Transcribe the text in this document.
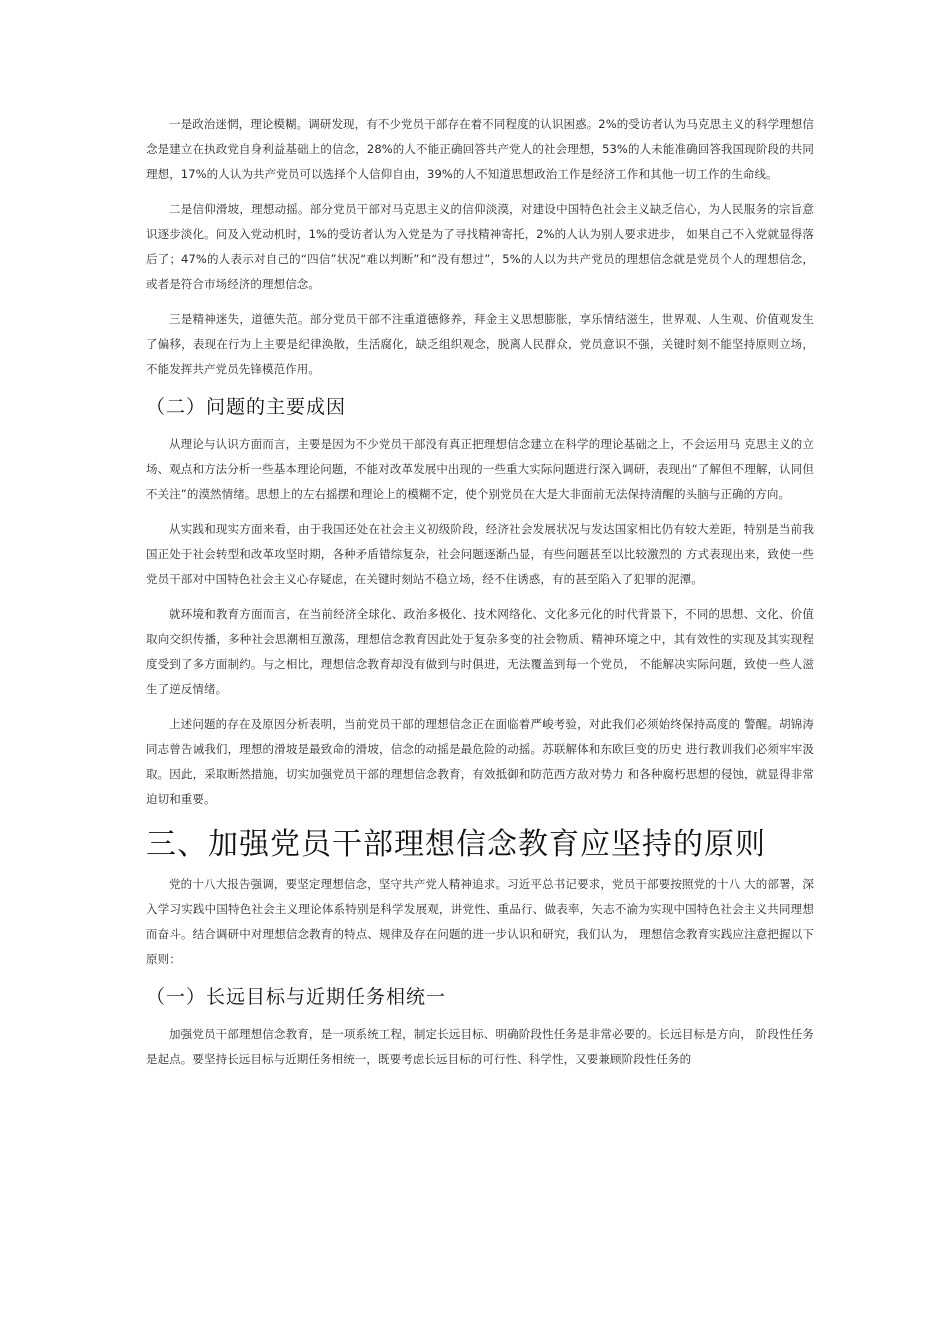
一是政治迷惘，理论模糊。调研发现，有不少党员干部存在着不同程度的认识困惑。2%的受访者认为马克思主义的科学理想信念是建立在执政党自身利益基础上的信念，28%的人不能正确回答共产党人的社会理想，53%的人未能准确回答我国现阶段的共同理想，17%的人认为共产党员可以选择个人信仰自由，39%的人不知道思想政治工作是经济工作和其他一切工作的生命线。

二是信仰滑坡，理想动摇。部分党员干部对马克思主义的信仰淡漠，对建设中国特色社会主义缺乏信心，为人民服务的宗旨意识逐步淡化。问及入党动机时，1%的受访者认为入党是为了寻找精神寄托，2%的人认为别人要求进步， 如果自己不入党就显得落后了；47%的人表示对自己的“四信”状况“难以判断”和“没有想过”，5%的人以为共产党员的理想信念就是党员个人的理想信念，或者是符合市场经济的理想信念。

三是精神迷失，道德失范。部分党员干部不注重道德修养，拜金主义思想膨胀，享乐情结滋生，世界观、人生观、价值观发生了偏移，表现在行为上主要是纪律涣散，生活腐化，缺乏组织观念，脱离人民群众，党员意识不强，关键时刻不能坚持原则立场，不能发挥共产党员先锋模范作用。

（二）问题的主要成因

从理论与认识方面而言，主要是因为不少党员干部没有真正把理想信念建立在科学的理论基础之上，不会运用马 克思主义的立场、观点和方法分析一些基本理论问题，不能对改革发展中出现的一些重大实际问题进行深入调研，表现出“了解但不理解，认同但不关注”的漠然情绪。思想上的左右摇摆和理论上的模糊不定，使个别党员在大是大非面前无法保持清醒的头脑与正确的方向。

从实践和现实方面来看，由于我国还处在社会主义初级阶段，经济社会发展状况与发达国家相比仍有较大差距，特别是当前我国正处于社会转型和改革攻坚时期，各种矛盾错综复杂，社会问题逐渐凸显，有些问题甚至以比较激烈的 方式表现出来，致使一些党员干部对中国特色社会主义心存疑虑，在关键时刻站不稳立场，经不住诱惑，有的甚至陷入了犯罪的泥潭。

就环境和教育方面而言，在当前经济全球化、政治多极化、技术网络化、文化多元化的时代背景下，不同的思想、文化、价值取向交织传播，多种社会思潮相互激荡，理想信念教育因此处于复杂多变的社会物质、精神环境之中，其有效性的实现及其实现程度受到了多方面制约。与之相比，理想信念教育却没有做到与时俱进，无法覆盖到每一个党员， 不能解决实际问题，致使一些人滋生了逆反情绪。

上述问题的存在及原因分析表明，当前党员干部的理想信念正在面临着严峻考验，对此我们必须始终保持高度的 警醒。胡锦涛同志曾告诫我们，理想的滑坡是最致命的滑坡，信念的动摇是最危险的动摇。苏联解体和东欧巨变的历史 进行教训我们必须牢牢汲取。因此，采取断然措施，切实加强党员干部的理想信念教育，有效抵御和防范西方敌对势力 和各种腐朽思想的侵蚀，就显得非常迫切和重要。

三、加强党员干部理想信念教育应坚持的原则

党的十八大报告强调，要坚定理想信念，坚守共产党人精神追求。习近平总书记要求，党员干部要按照党的十八 大的部署，深入学习实践中国特色社会主义理论体系特别是科学发展观，讲党性、重品行、做表率，矢志不渝为实现中国特色社会主义共同理想而奋斗。结合调研中对理想信念教育的特点、规律及存在问题的进一步认识和研究，我们认为， 理想信念教育实践应注意把握以下原则：

（一）长远目标与近期任务相统一

加强党员干部理想信念教育，是一项系统工程，制定长远目标、明确阶段性任务是非常必要的。长远目标是方向， 阶段性任务是起点。要坚持长远目标与近期任务相统一，既要考虑长远目标的可行性、科学性，又要兼顾阶段性任务的
